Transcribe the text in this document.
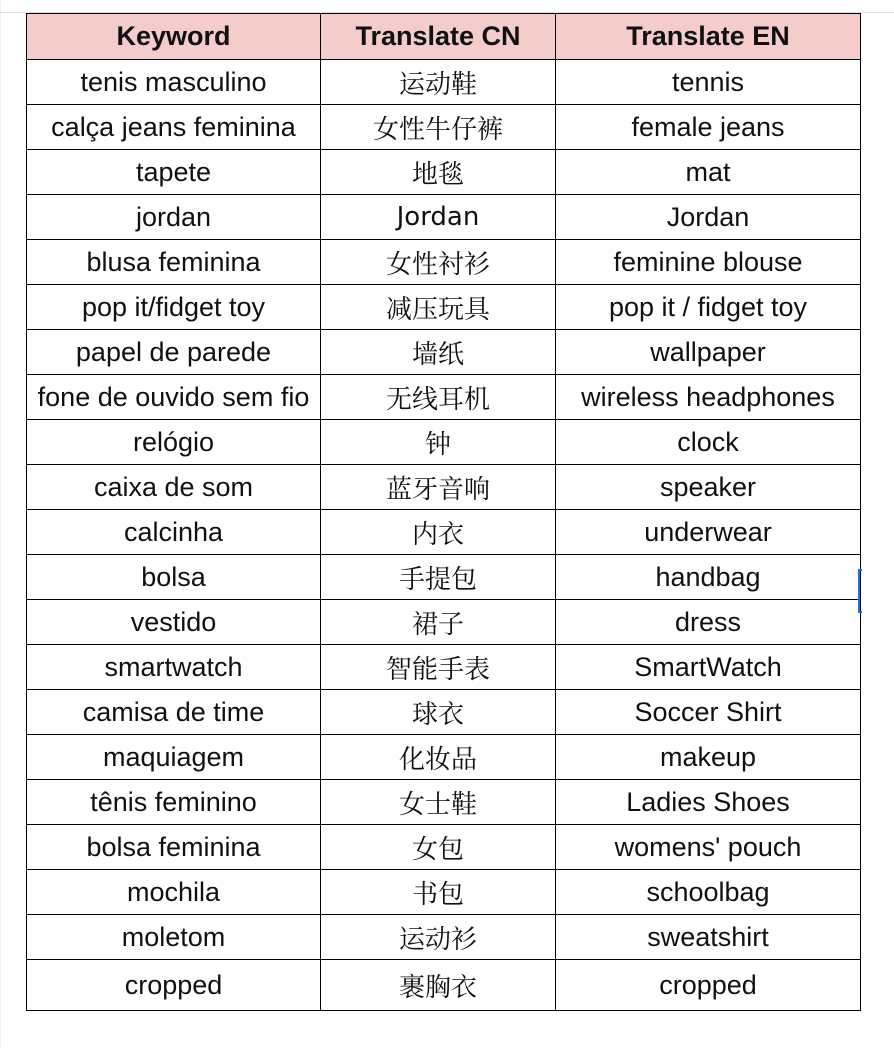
Keyword	Translate CN	Translate EN
tenis masculino	运动鞋	tennis
calça jeans feminina	女性牛仔裤	female jeans
tapete	地毯	mat
jordan	Jordan	Jordan
blusa feminina	女性衬衫	feminine blouse
pop it/fidget toy	减压玩具	pop it / fidget toy
papel de parede	墙纸	wallpaper
fone de ouvido sem fio	无线耳机	wireless headphones
relógio	钟	clock
caixa de som	蓝牙音响	speaker
calcinha	内衣	underwear
bolsa	手提包	handbag
vestido	裙子	dress
smartwatch	智能手表	SmartWatch
camisa de time	球衣	Soccer Shirt
maquiagem	化妆品	makeup
tênis feminino	女士鞋	Ladies Shoes
bolsa feminina	女包	womens' pouch
mochila	书包	schoolbag
moletom	运动衫	sweatshirt
cropped	裹胸衣	cropped
